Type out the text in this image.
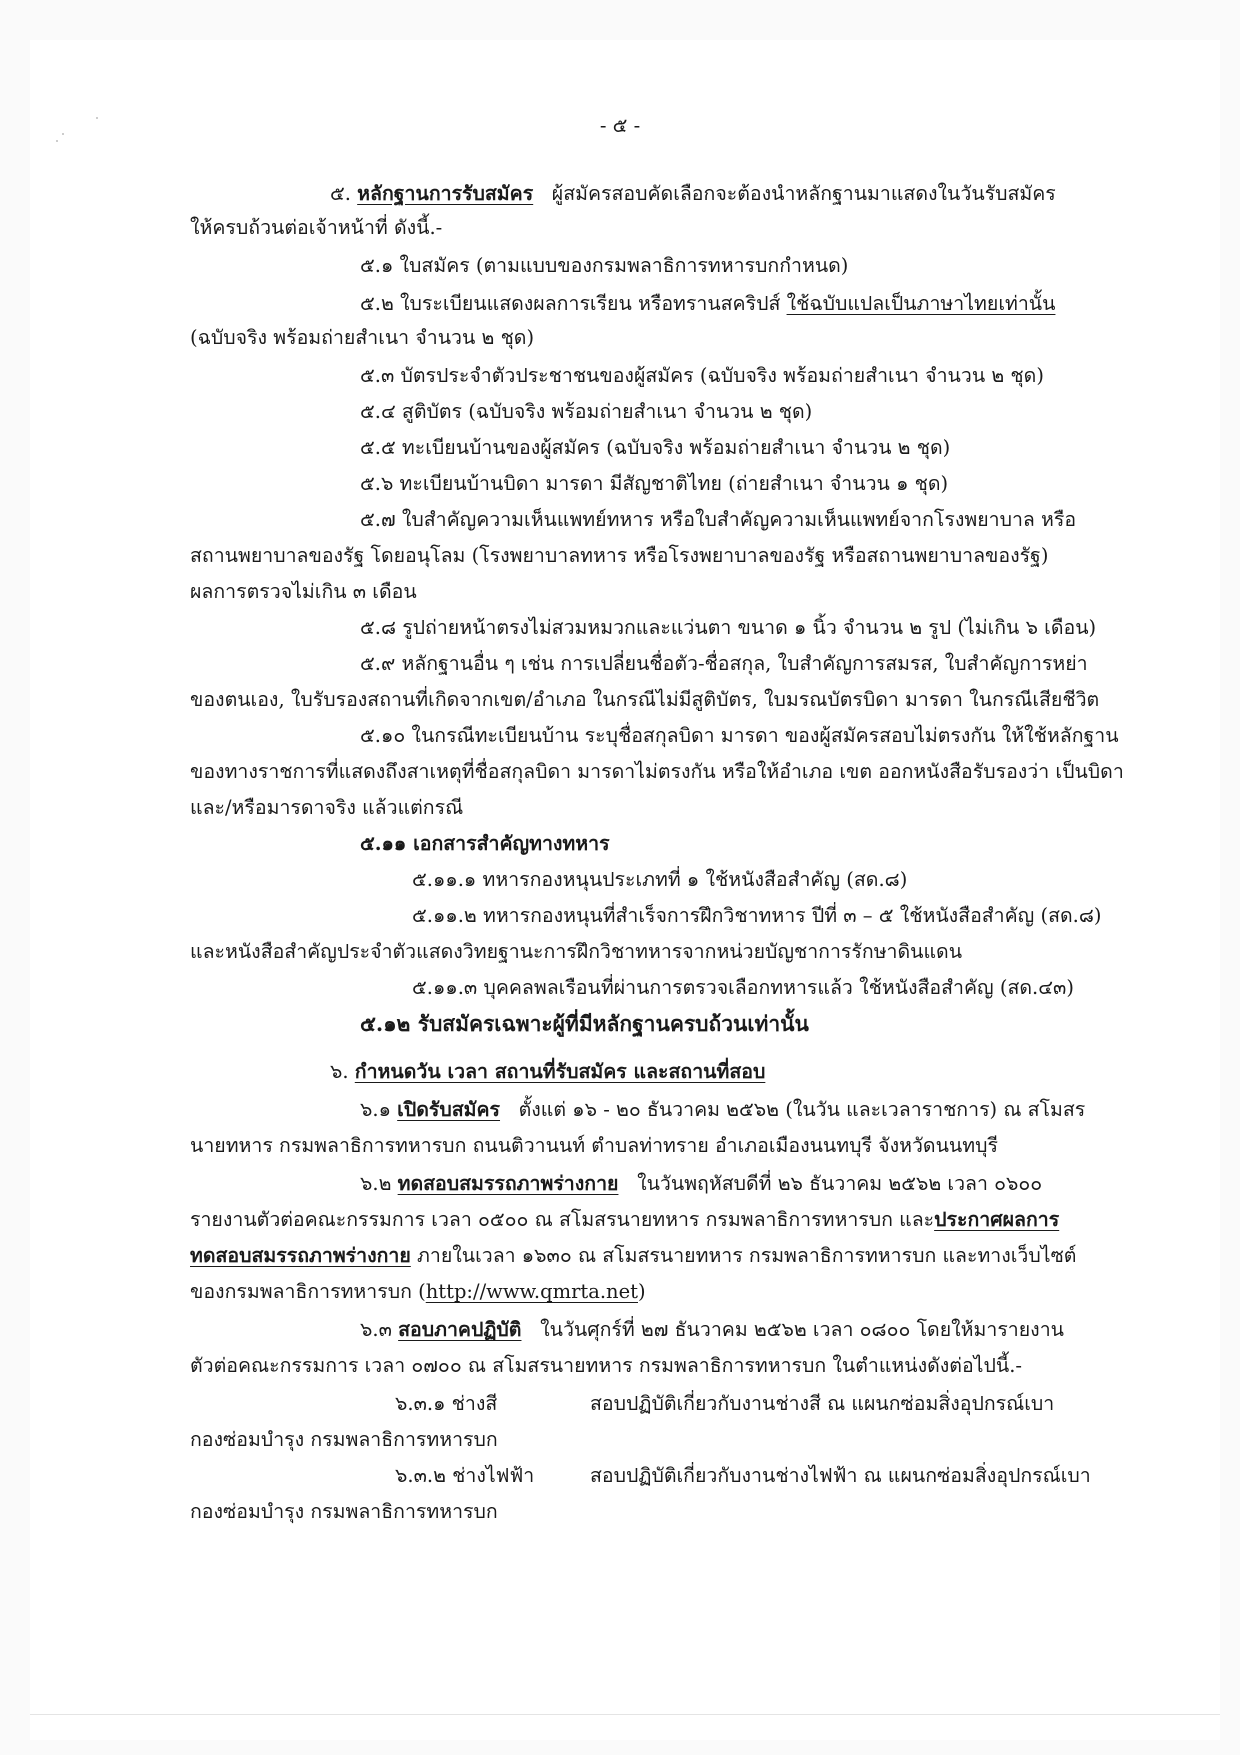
- ๕ -
๕. หลักฐานการรับสมัคร ผู้สมัครสอบคัดเลือกจะต้องนำหลักฐานมาแสดงในวันรับสมัคร
ให้ครบถ้วนต่อเจ้าหน้าที่ ดังนี้.-
๕.๑ ใบสมัคร (ตามแบบของกรมพลาธิการทหารบกกำหนด)
๕.๒ ใบระเบียนแสดงผลการเรียน หรือทรานสคริปส์ ใช้ฉบับแปลเป็นภาษาไทยเท่านั้น
(ฉบับจริง พร้อมถ่ายสำเนา จำนวน ๒ ชุด)
๕.๓ บัตรประจำตัวประชาชนของผู้สมัคร (ฉบับจริง พร้อมถ่ายสำเนา จำนวน ๒ ชุด)
๕.๔ สูติบัตร (ฉบับจริง พร้อมถ่ายสำเนา จำนวน ๒ ชุด)
๕.๕ ทะเบียนบ้านของผู้สมัคร (ฉบับจริง พร้อมถ่ายสำเนา จำนวน ๒ ชุด)
๕.๖ ทะเบียนบ้านบิดา มารดา มีสัญชาติไทย (ถ่ายสำเนา จำนวน ๑ ชุด)
๕.๗ ใบสำคัญความเห็นแพทย์ทหาร หรือใบสำคัญความเห็นแพทย์จากโรงพยาบาล หรือ
สถานพยาบาลของรัฐ โดยอนุโลม (โรงพยาบาลทหาร หรือโรงพยาบาลของรัฐ หรือสถานพยาบาลของรัฐ)
ผลการตรวจไม่เกิน ๓ เดือน
๕.๘ รูปถ่ายหน้าตรงไม่สวมหมวกและแว่นตา ขนาด ๑ นิ้ว จำนวน ๒ รูป (ไม่เกิน ๖ เดือน)
๕.๙ หลักฐานอื่น ๆ เช่น การเปลี่ยนชื่อตัว-ชื่อสกุล, ใบสำคัญการสมรส, ใบสำคัญการหย่า
ของตนเอง, ใบรับรองสถานที่เกิดจากเขต/อำเภอ ในกรณีไม่มีสูติบัตร, ใบมรณบัตรบิดา มารดา ในกรณีเสียชีวิต
๕.๑๐ ในกรณีทะเบียนบ้าน ระบุชื่อสกุลบิดา มารดา ของผู้สมัครสอบไม่ตรงกัน ให้ใช้หลักฐาน
ของทางราชการที่แสดงถึงสาเหตุที่ชื่อสกุลบิดา มารดาไม่ตรงกัน หรือให้อำเภอ เขต ออกหนังสือรับรองว่า เป็นบิดา
และ/หรือมารดาจริง แล้วแต่กรณี
๕.๑๑ เอกสารสำคัญทางทหาร
๕.๑๑.๑ ทหารกองหนุนประเภทที่ ๑ ใช้หนังสือสำคัญ (สด.๘)
๕.๑๑.๒ ทหารกองหนุนที่สำเร็จการฝึกวิชาทหาร ปีที่ ๓ – ๕ ใช้หนังสือสำคัญ (สด.๘)
และหนังสือสำคัญประจำตัวแสดงวิทยฐานะการฝึกวิชาทหารจากหน่วยบัญชาการรักษาดินแดน
๕.๑๑.๓ บุคคลพลเรือนที่ผ่านการตรวจเลือกทหารแล้ว ใช้หนังสือสำคัญ (สด.๔๓)
๕.๑๒ รับสมัครเฉพาะผู้ที่มีหลักฐานครบถ้วนเท่านั้น
๖. กำหนดวัน เวลา สถานที่รับสมัคร และสถานที่สอบ
๖.๑ เปิดรับสมัคร ตั้งแต่ ๑๖ - ๒๐ ธันวาคม ๒๕๖๒ (ในวัน และเวลาราชการ) ณ สโมสร
นายทหาร กรมพลาธิการทหารบก ถนนติวานนท์ ตำบลท่าทราย อำเภอเมืองนนทบุรี จังหวัดนนทบุรี
๖.๒ ทดสอบสมรรถภาพร่างกาย ในวันพฤหัสบดีที่ ๒๖ ธันวาคม ๒๕๖๒ เวลา ๐๖๐๐
รายงานตัวต่อคณะกรรมการ เวลา ๐๕๐๐ ณ สโมสรนายทหาร กรมพลาธิการทหารบก และประกาศผลการ
ทดสอบสมรรถภาพร่างกาย ภายในเวลา ๑๖๓๐ ณ สโมสรนายทหาร กรมพลาธิการทหารบก และทางเว็บไซต์
ของกรมพลาธิการทหารบก (http://www.qmrta.net)
๖.๓ สอบภาคปฏิบัติ ในวันศุกร์ที่ ๒๗ ธันวาคม ๒๕๖๒ เวลา ๐๘๐๐ โดยให้มารายงาน
ตัวต่อคณะกรรมการ เวลา ๐๗๐๐ ณ สโมสรนายทหาร กรมพลาธิการทหารบก ในตำแหน่งดังต่อไปนี้.-
๖.๓.๑ ช่างสี	สอบปฏิบัติเกี่ยวกับงานช่างสี ณ แผนกซ่อมสิ่งอุปกรณ์เบา
กองซ่อมบำรุง กรมพลาธิการทหารบก
๖.๓.๒ ช่างไฟฟ้า	สอบปฏิบัติเกี่ยวกับงานช่างไฟฟ้า ณ แผนกซ่อมสิ่งอุปกรณ์เบา
กองซ่อมบำรุง กรมพลาธิการทหารบก
